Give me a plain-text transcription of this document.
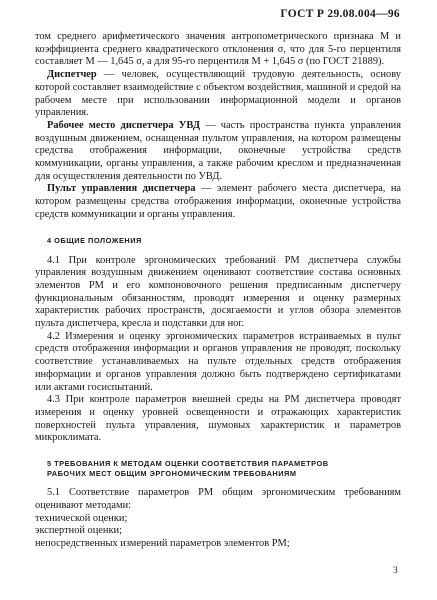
ГОСТ Р 29.08.004—96

том среднего арифметического значения антропометрического признака M и коэффициента среднего квадратического отклонения σ, что для 5-го перцентиля составляет M — 1,645 σ, а для 95-го перцентиля M + 1,645 σ (по ГОСТ 21889).

Диспетчер — человек, осуществляющий трудовую деятельность, основу которой составляет взаимодействие с объектом воздействия, машиной и средой на рабочем месте при использовании информационной модели и органов управления.

Рабочее место диспетчера УВД — часть пространства пункта управления воздушным движением, оснащенная пультом управления, на котором размещены средства отображения информации, оконечные устройства средств коммуникации, органы управления, а также рабочим креслом и предназначенная для осуществления деятельности по УВД.

Пульт управления диспетчера — элемент рабочего места диспетчера, на котором размещены средства отображения информации, оконечные устройства средств коммуникации и органы управления.

4 ОБЩИЕ ПОЛОЖЕНИЯ

4.1 При контроле эргономических требований РМ диспетчера службы управления воздушным движением оценивают соответствие состава основных элементов РМ и его компоновочного решения предписанным диспетчеру функциональным обязанностям, проводят измерения и оценку размерных характеристик рабочих пространств, досягаемости и углов обзора элементов пульта диспетчера, кресла и подставки для ног.

4.2 Измерения и оценку эргономических параметров встраиваемых в пульт средств отображения информации и органов управления не проводят, поскольку соответствие устанавливаемых на пульте отдельных средств отображения информации и органов управления должно быть подтверждено сертификатами или актами госиспытаний.

4.3 При контроле параметров внешней среды на РМ диспетчера проводят измерения и оценку уровней освещенности и отражающих характеристик поверхностей пульта управления, шумовых характеристик и параметров микроклимата.

5 ТРЕБОВАНИЯ К МЕТОДАМ ОЦЕНКИ СООТВЕТСТВИЯ ПАРАМЕТРОВ
РАБОЧИХ МЕСТ ОБЩИМ ЭРГОНОМИЧЕСКИМ ТРЕБОВАНИЯМ

5.1 Соответствие параметров РМ общим эргономическим требованиям оценивают методами:

технической оценки;
экспертной оценки;
непосредственных измерений параметров элементов РМ;
3
